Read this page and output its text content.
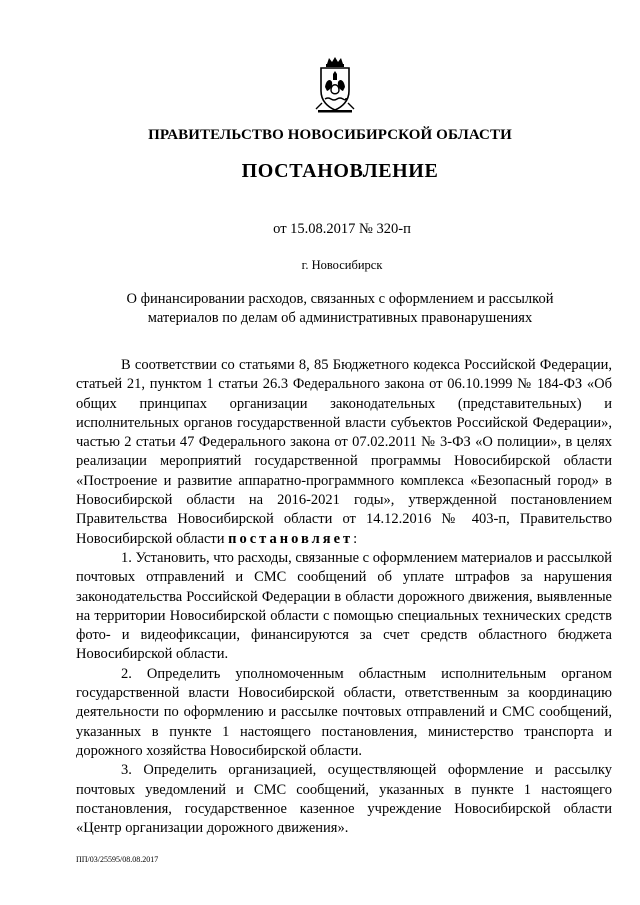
ПРАВИТЕЛЬСТВО НОВОСИБИРСКОЙ ОБЛАСТИ
ПОСТАНОВЛЕНИЕ
от 15.08.2017 № 320-п
г. Новосибирск
О финансировании расходов, связанных с оформлением и рассылкой материалов по делам об административных правонарушениях

В соответствии со статьями 8, 85 Бюджетного кодекса Российской Федерации, статьей 21, пунктом 1 статьи 26.3 Федерального закона от 06.10.1999 № 184-ФЗ «Об общих принципах организации законодательных (представительных) и исполнительных органов государственной власти субъектов Российской Федерации», частью 2 статьи 47 Федерального закона от 07.02.2011 № 3-ФЗ «О полиции», в целях реализации мероприятий государственной программы Новосибирской области «Построение и развитие аппаратно-программного комплекса «Безопасный город» в Новосибирской области на 2016-2021 годы», утвержденной постановлением Правительства Новосибирской области от 14.12.2016 № 403-п, Правительство Новосибирской области постановляет:

1. Установить, что расходы, связанные с оформлением материалов и рассылкой почтовых отправлений и СМС сообщений об уплате штрафов за нарушения законодательства Российской Федерации в области дорожного движения, выявленные на территории Новосибирской области с помощью специальных технических средств фото- и видеофиксации, финансируются за счет средств областного бюджета Новосибирской области.

2. Определить уполномоченным областным исполнительным органом государственной власти Новосибирской области, ответственным за координацию деятельности по оформлению и рассылке почтовых отправлений и СМС сообщений, указанных в пункте 1 настоящего постановления, министерство транспорта и дорожного хозяйства Новосибирской области.

3. Определить организацией, осуществляющей оформление и рассылку почтовых уведомлений и СМС сообщений, указанных в пункте 1 настоящего постановления, государственное казенное учреждение Новосибирской области «Центр организации дорожного движения».

ПП/03/25595/08.08.2017
